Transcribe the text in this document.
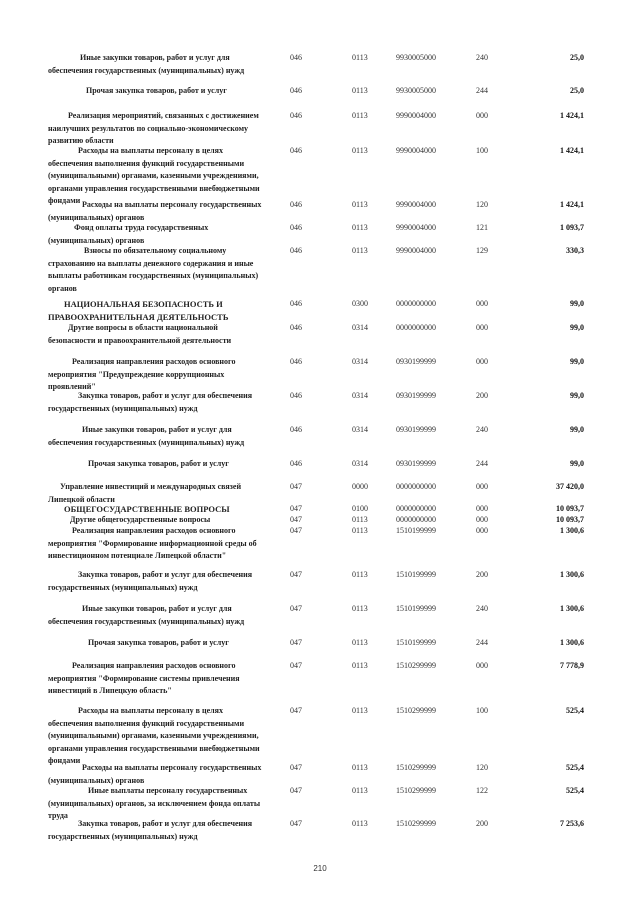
Иные закупки товаров, работ и услуг для обеспечения государственных (муниципальных) нужд
046	0113	9930005000	240	25,0
Прочая закупка товаров, работ и услуг	046	0113	9930005000	244	25,0
Реализация мероприятий, связанных с достижением наилучших результатов по социально-экономическому развитию области
046	0113	9990004000	000	1 424,1
Расходы на выплаты персоналу в целях обеспечения выполнения функций государственными (муниципальными) органами, казенными учреждениями, органами управления государственными внебюджетными фондами
046	0113	9990004000	100	1 424,1
Расходы на выплаты персоналу государственных (муниципальных) органов
046	0113	9990004000	120	1 424,1
Фонд оплаты труда государственных (муниципальных) органов
046	0113	9990004000	121	1 093,7
Взносы по обязательному социальному страхованию на выплаты денежного содержания и иные выплаты работникам государственных (муниципальных) органов
046	0113	9990004000	129	330,3
НАЦИОНАЛЬНАЯ БЕЗОПАСНОСТЬ И ПРАВООХРАНИТЕЛЬНАЯ ДЕЯТЕЛЬНОСТЬ
046	0300	0000000000	000	99,0
Другие вопросы в области национальной безопасности и правоохранительной деятельности
046	0314	0000000000	000	99,0
Реализация направления расходов основного мероприятия "Предупреждение коррупционных проявлений"
046	0314	0930199999	000	99,0
Закупка товаров, работ и услуг для обеспечения государственных (муниципальных) нужд
046	0314	0930199999	200	99,0
Иные закупки товаров, работ и услуг для обеспечения государственных (муниципальных) нужд
046	0314	0930199999	240	99,0
Прочая закупка товаров, работ и услуг	046	0314	0930199999	244	99,0
Управление инвестиций и международных связей Липецкой области
047	0000	0000000000	000	37 420,0
ОБЩЕГОСУДАРСТВЕННЫЕ ВОПРОСЫ	047	0100	0000000000	000	10 093,7
Другие общегосударственные вопросы	047	0113	0000000000	000	10 093,7
Реализация направления расходов основного мероприятия "Формирование информационной среды об инвестиционном потенциале Липецкой области"
047	0113	1510199999	000	1 300,6
Закупка товаров, работ и услуг для обеспечения государственных (муниципальных) нужд
047	0113	1510199999	200	1 300,6
Иные закупки товаров, работ и услуг для обеспечения государственных (муниципальных) нужд
047	0113	1510199999	240	1 300,6
Прочая закупка товаров, работ и услуг	047	0113	1510199999	244	1 300,6
Реализация направления расходов основного мероприятия "Формирование системы привлечения инвестиций в Липецкую область"
047	0113	1510299999	000	7 778,9
Расходы на выплаты персоналу в целях обеспечения выполнения функций государственными (муниципальными) органами, казенными учреждениями, органами управления государственными внебюджетными фондами
047	0113	1510299999	100	525,4
Расходы на выплаты персоналу государственных (муниципальных) органов
047	0113	1510299999	120	525,4
Иные выплаты персоналу государственных (муниципальных) органов, за исключением фонда оплаты труда
047	0113	1510299999	122	525,4
Закупка товаров, работ и услуг для обеспечения государственных (муниципальных) нужд
047	0113	1510299999	200	7 253,6
210
